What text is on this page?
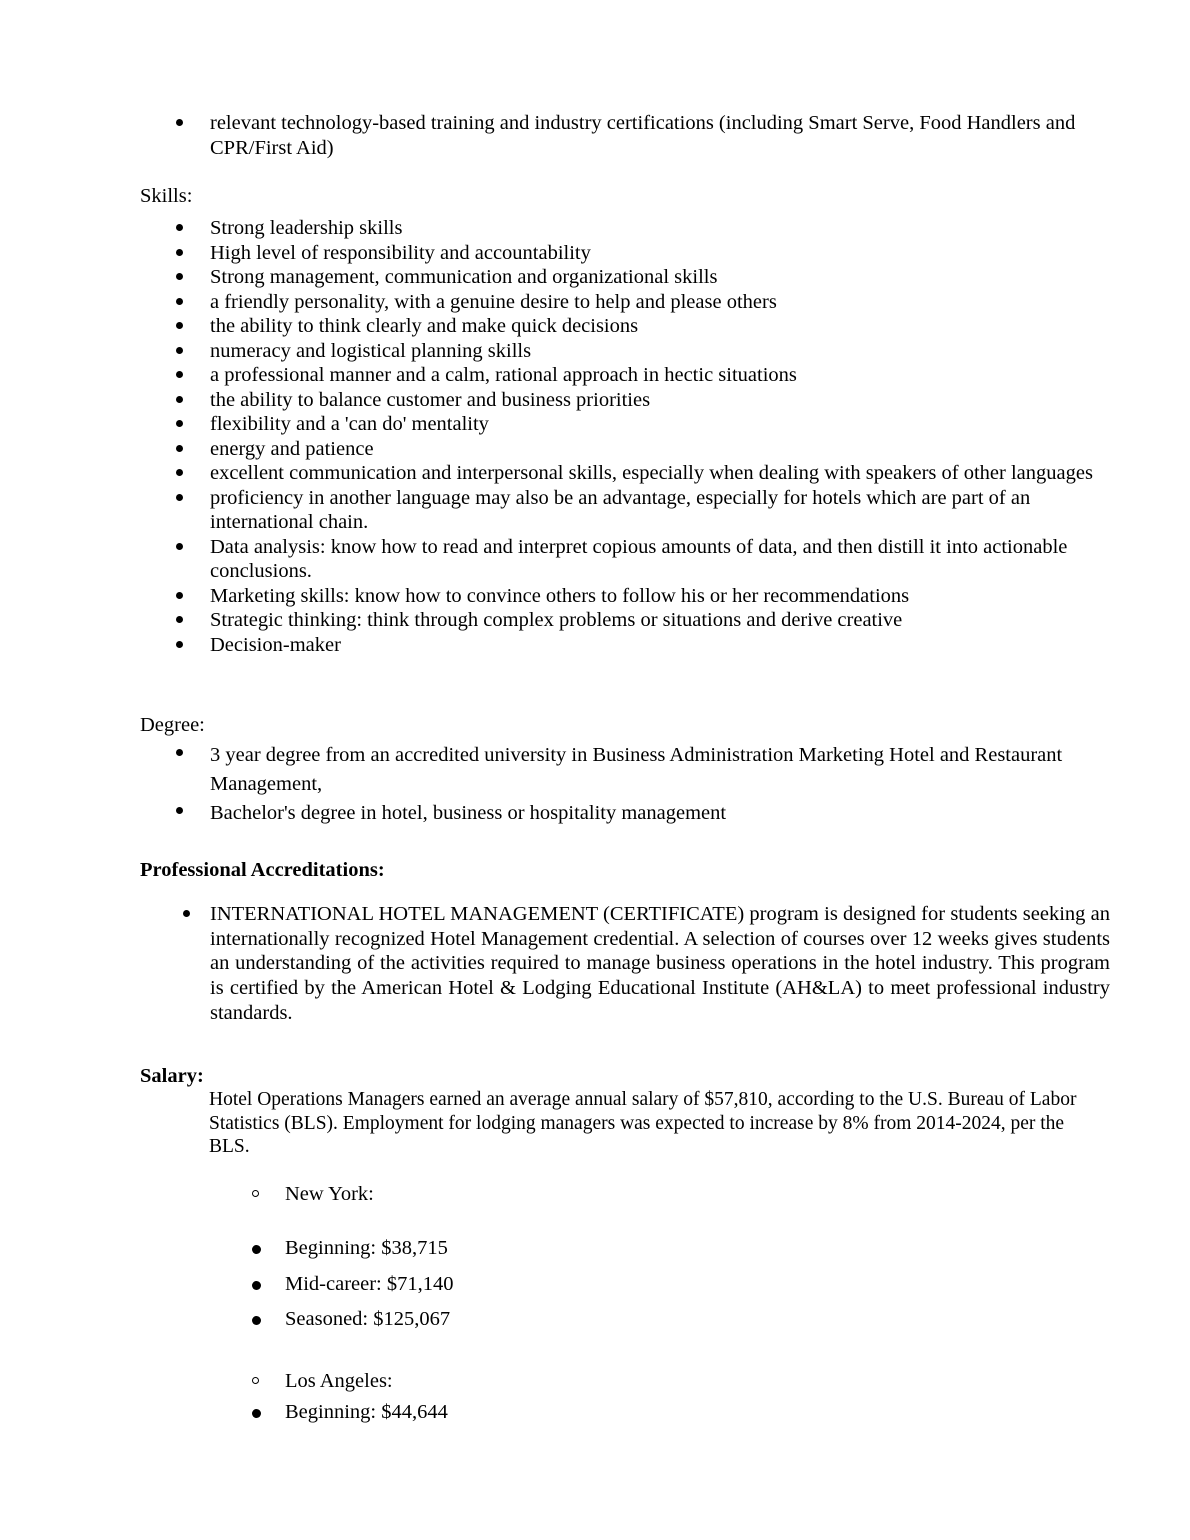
relevant technology-based training and industry certifications (including Smart Serve, Food Handlers and CPR/First Aid)

Skills:

Strong leadership skills
High level of responsibility and accountability
Strong management, communication and organizational skills
a friendly personality, with a genuine desire to help and please others
the ability to think clearly and make quick decisions
numeracy and logistical planning skills
a professional manner and a calm, rational approach in hectic situations
the ability to balance customer and business priorities
flexibility and a 'can do' mentality
energy and patience
excellent communication and interpersonal skills, especially when dealing with speakers of other languages
proficiency in another language may also be an advantage, especially for hotels which are part of an international chain.
Data analysis: know how to read and interpret copious amounts of data, and then distill it into actionable conclusions.
Marketing skills: know how to convince others to follow his or her recommendations
Strategic thinking: think through complex problems or situations and derive creative
Decision-maker

Degree:

3 year degree from an accredited university in Business Administration Marketing Hotel and Restaurant Management,
Bachelor's degree in hotel, business or hospitality management

Professional Accreditations:

INTERNATIONAL HOTEL MANAGEMENT (CERTIFICATE) program is designed for students seeking an internationally recognized Hotel Management credential. A selection of courses over 12 weeks gives students an understanding of the activities required to manage business operations in the hotel industry. This program is certified by the American Hotel & Lodging Educational Institute (AH&LA) to meet professional industry standards.

Salary:

Hotel Operations Managers earned an average annual salary of $57,810, according to the U.S. Bureau of Labor Statistics (BLS). Employment for lodging managers was expected to increase by 8% from 2014-2024, per the BLS.

New York:
Beginning: $38,715
Mid-career: $71,140
Seasoned: $125,067
Los Angeles:
Beginning: $44,644
